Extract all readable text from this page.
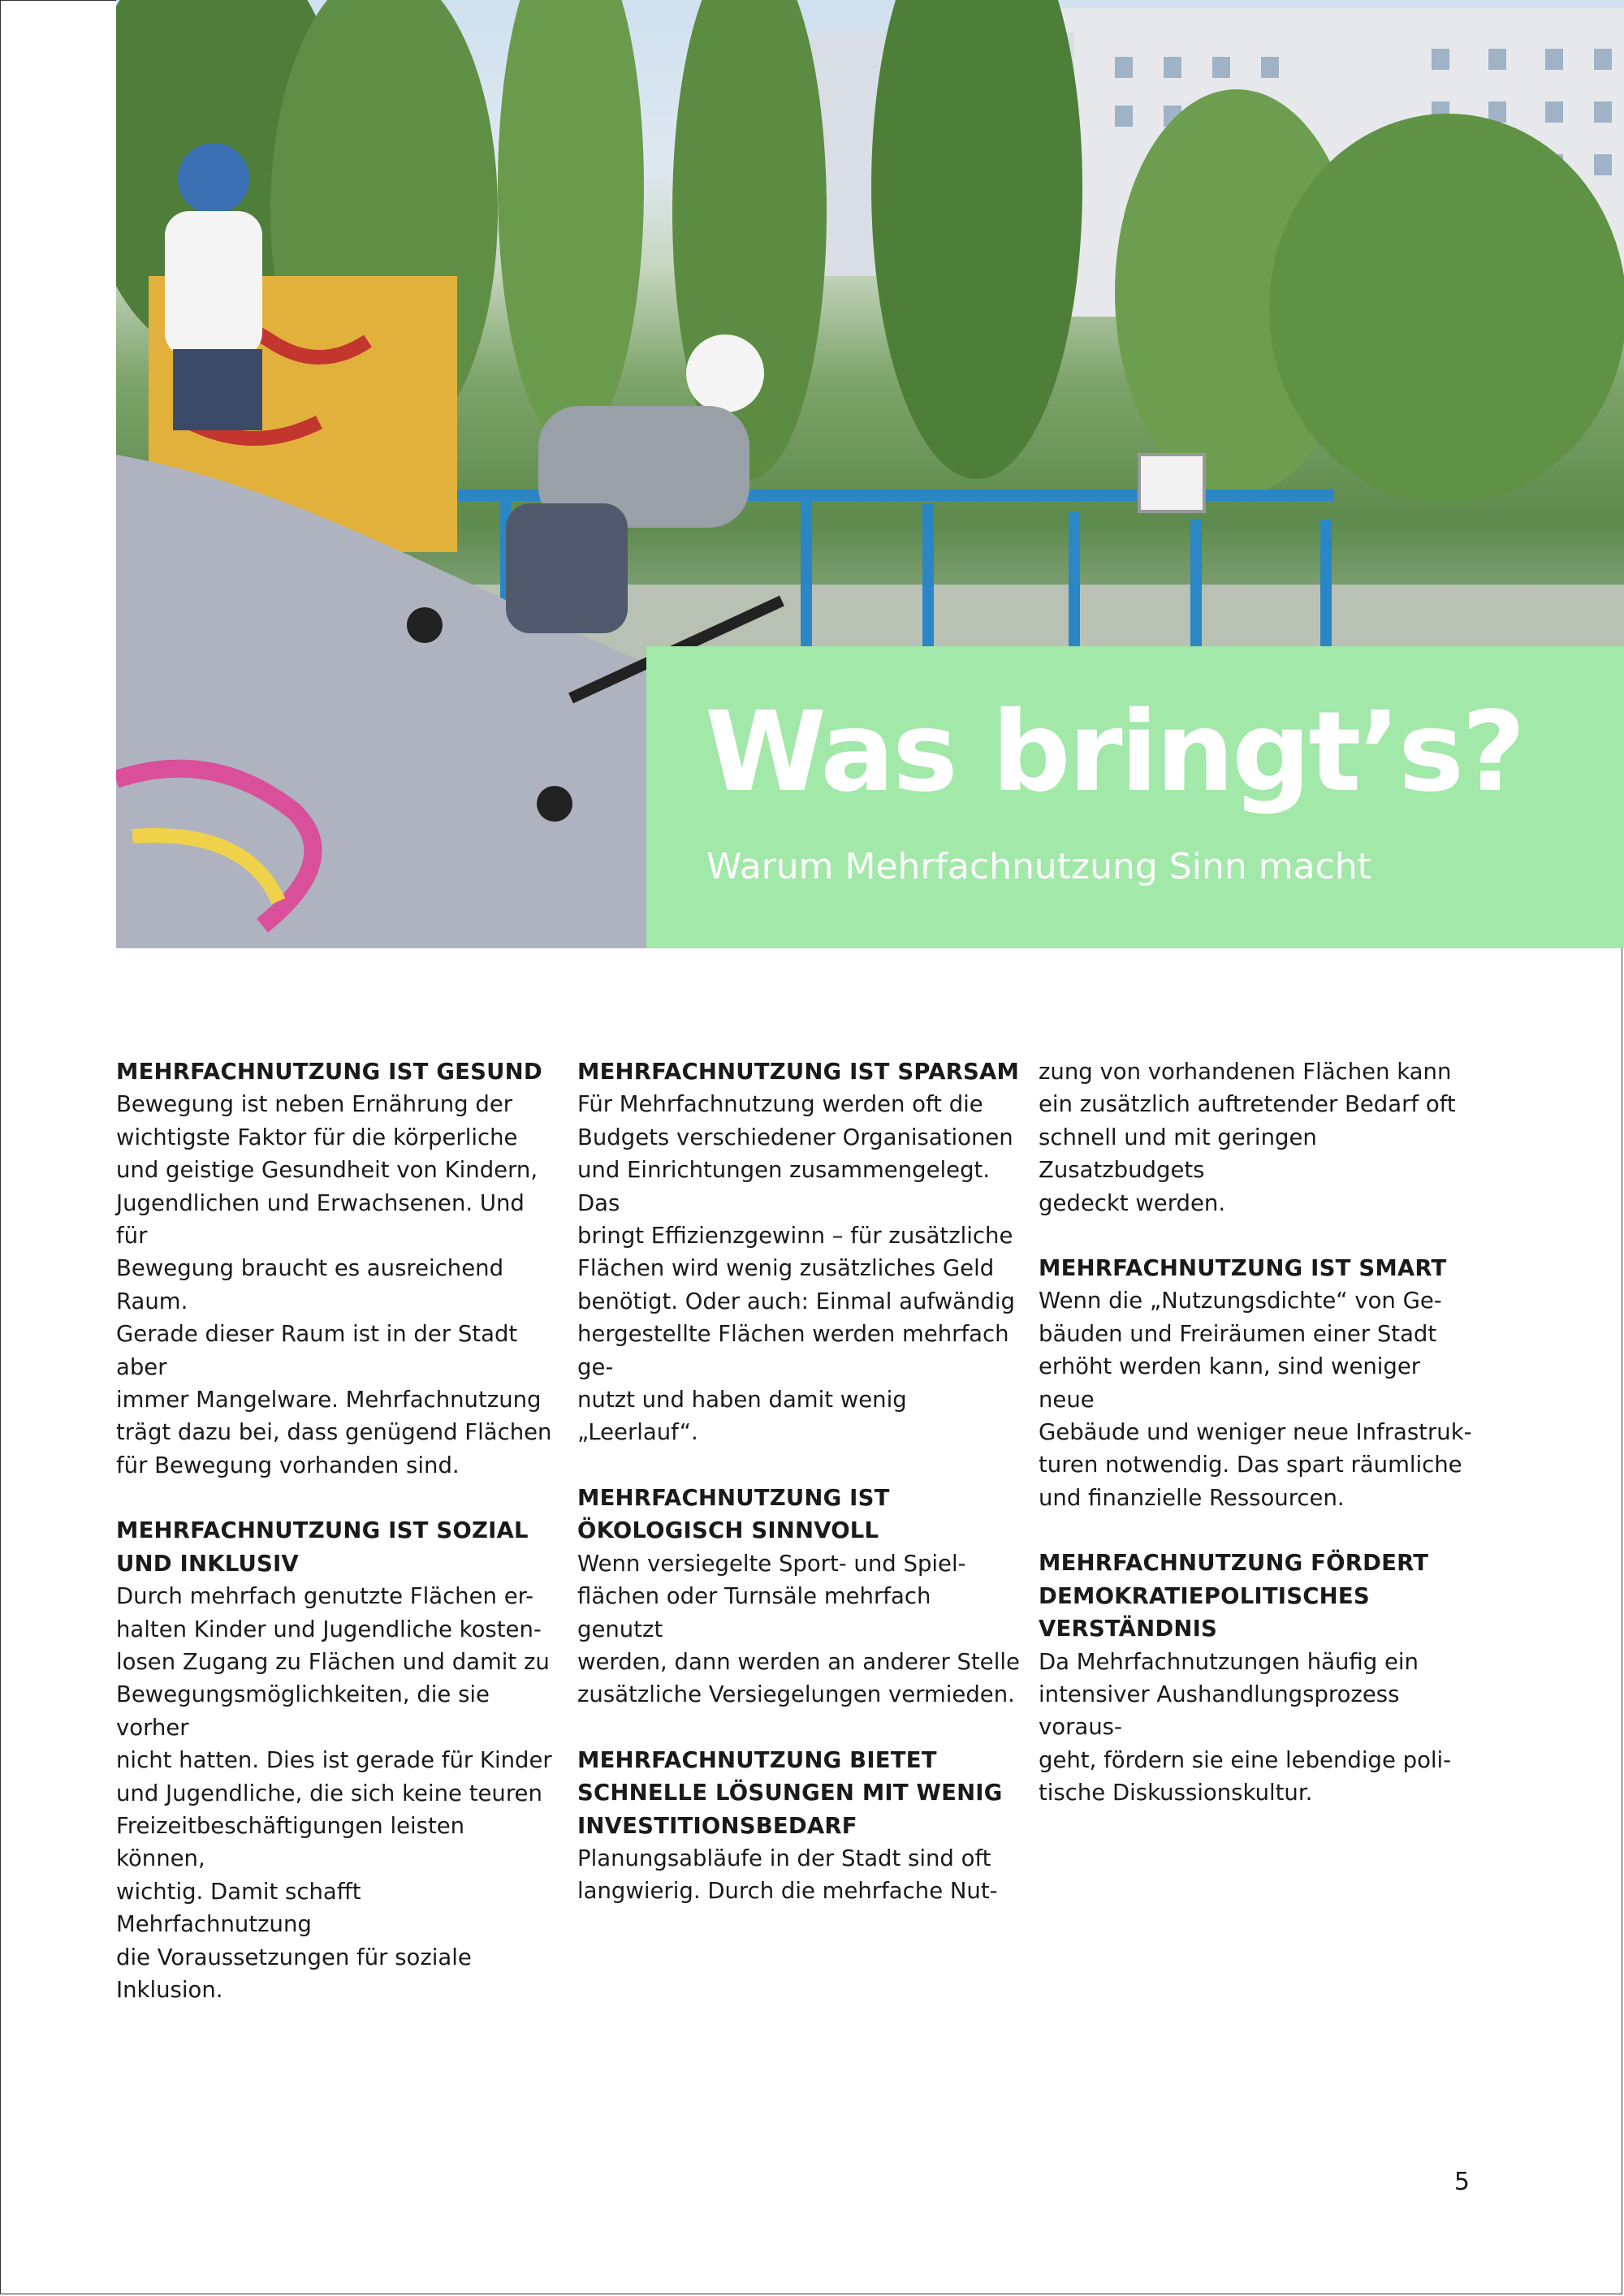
Was bringt’s?

Warum Mehrfachnutzung Sinn macht

MEHRFACHNUTZUNG IST GESUND

Bewegung ist neben Ernährung der
wichtigste Faktor für die körperliche
und geistige Gesundheit von Kindern,
Jugendlichen und Erwachsenen. Und für
Bewegung braucht es ausreichend Raum.
Gerade dieser Raum ist in der Stadt aber
immer Mangelware. Mehrfachnutzung
trägt dazu bei, dass genügend Flächen
für Bewegung vorhanden sind.

MEHRFACHNUTZUNG IST SOZIAL
UND INKLUSIV

Durch mehrfach genutzte Flächen er-
halten Kinder und Jugendliche kosten-
losen Zugang zu Flächen und damit zu
Bewegungsmöglichkeiten, die sie vorher
nicht hatten. Dies ist gerade für Kinder
und Jugendliche, die sich keine teuren
Freizeitbeschäftigungen leisten können,
wichtig. Damit schafft Mehrfachnutzung
die Voraussetzungen für soziale Inklusion.

MEHRFACHNUTZUNG IST SPARSAM

Für Mehrfachnutzung werden oft die
Budgets verschiedener Organisationen
und Einrichtungen zusammengelegt. Das
bringt Effizienzgewinn – für zusätzliche
Flächen wird wenig zusätzliches Geld
benötigt. Oder auch: Einmal aufwändig
hergestellte Flächen werden mehrfach ge-
nutzt und haben damit wenig „Leerlauf“.

MEHRFACHNUTZUNG IST
ÖKOLOGISCH SINNVOLL

Wenn versiegelte Sport- und Spiel-
flächen oder Turnsäle mehrfach genutzt
werden, dann werden an anderer Stelle
zusätzliche Versiegelungen vermieden.

MEHRFACHNUTZUNG BIETET
SCHNELLE LÖSUNGEN MIT WENIG
INVESTITIONSBEDARF

Planungsabläufe in der Stadt sind oft
langwierig. Durch die mehrfache Nut-

zung von vorhandenen Flächen kann
ein zusätzlich auftretender Bedarf oft
schnell und mit geringen Zusatzbudgets
gedeckt werden.

MEHRFACHNUTZUNG IST SMART

Wenn die „Nutzungsdichte“ von Ge-
bäuden und Freiräumen einer Stadt
erhöht werden kann, sind weniger neue
Gebäude und weniger neue Infrastruk-
turen notwendig. Das spart räumliche
und finanzielle Ressourcen.

MEHRFACHNUTZUNG FÖRDERT
DEMOKRATIEPOLITISCHES
VERSTÄNDNIS

Da Mehrfachnutzungen häufig ein
intensiver Aushandlungsprozess voraus-
geht, fördern sie eine lebendige poli-
tische Diskussionskultur.

5
